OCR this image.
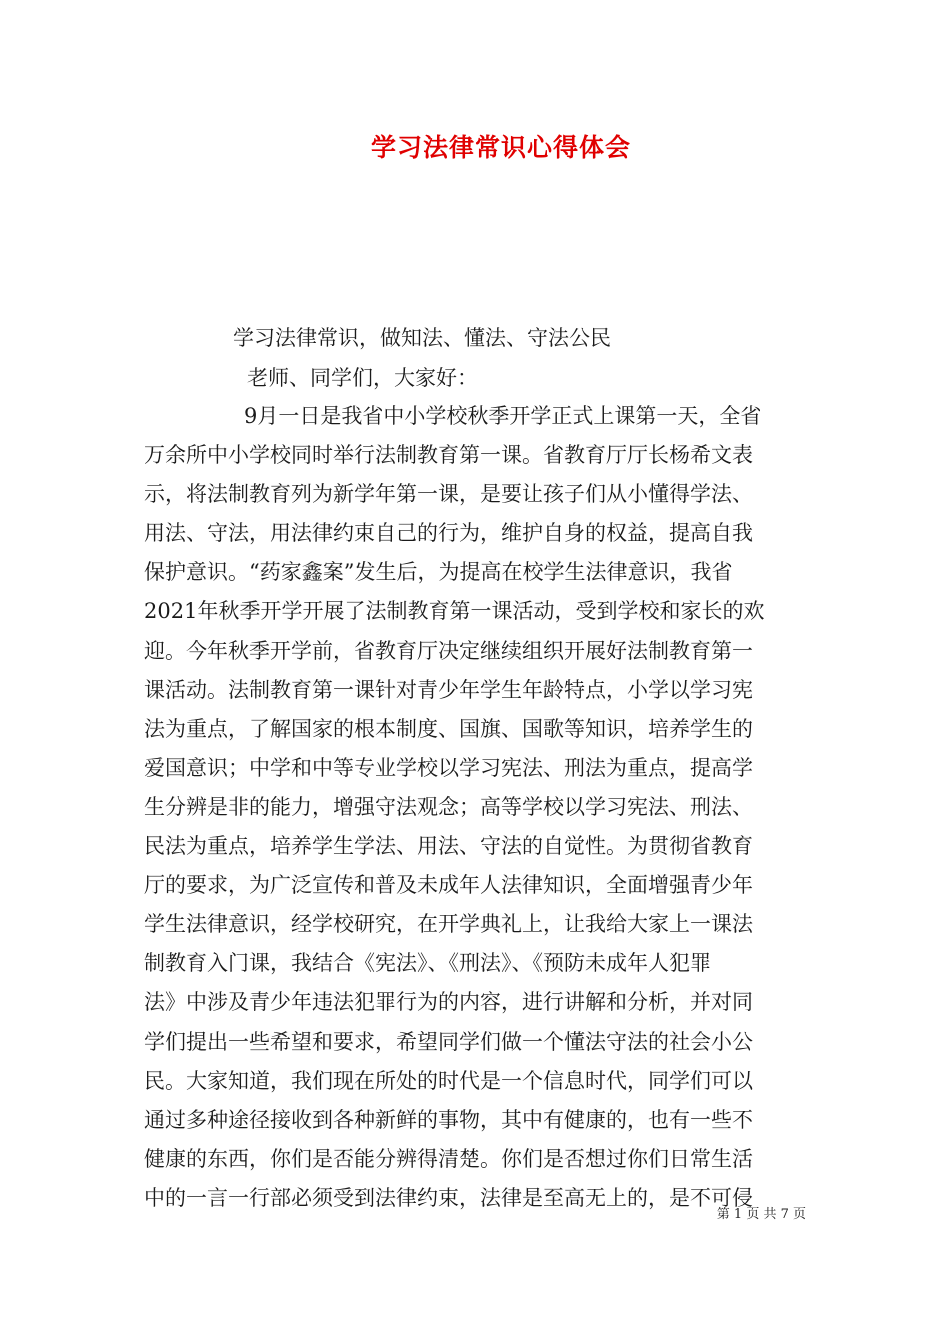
学习法律常识心得体会
学习法律常识，做知法、懂法、守法公民
老师、同学们，大家好：
9月一日是我省中小学校秋季开学正式上课第一天，全省
万余所中小学校同时举行法制教育第一课。省教育厅厅长杨希文表
示，将法制教育列为新学年第一课，是要让孩子们从小懂得学法、
用法、守法，用法律约束自己的行为，维护自身的权益，提高自我
保护意识。“药家鑫案”发生后，为提高在校学生法律意识，我省
2021年秋季开学开展了法制教育第一课活动，受到学校和家长的欢
迎。今年秋季开学前，省教育厅决定继续组织开展好法制教育第一
课活动。法制教育第一课针对青少年学生年龄特点，小学以学习宪
法为重点，了解国家的根本制度、国旗、国歌等知识，培养学生的
爱国意识；中学和中等专业学校以学习宪法、刑法为重点，提高学
生分辨是非的能力，增强守法观念；高等学校以学习宪法、刑法、
民法为重点，培养学生学法、用法、守法的自觉性。为贯彻省教育
厅的要求，为广泛宣传和普及未成年人法律知识，全面增强青少年
学生法律意识，经学校研究，在开学典礼上，让我给大家上一课法
制教育入门课，我结合《宪法》、《刑法》、《预防未成年人犯罪
法》中涉及青少年违法犯罪行为的内容，进行讲解和分析，并对同
学们提出一些希望和要求，希望同学们做一个懂法守法的社会小公
民。大家知道，我们现在所处的时代是一个信息时代，同学们可以
通过多种途径接收到各种新鲜的事物，其中有健康的，也有一些不
健康的东西，你们是否能分辨得清楚。你们是否想过你们日常生活
中的一言一行部必须受到法律约束，法律是至高无上的，是不可侵
第 1 页 共 7 页
